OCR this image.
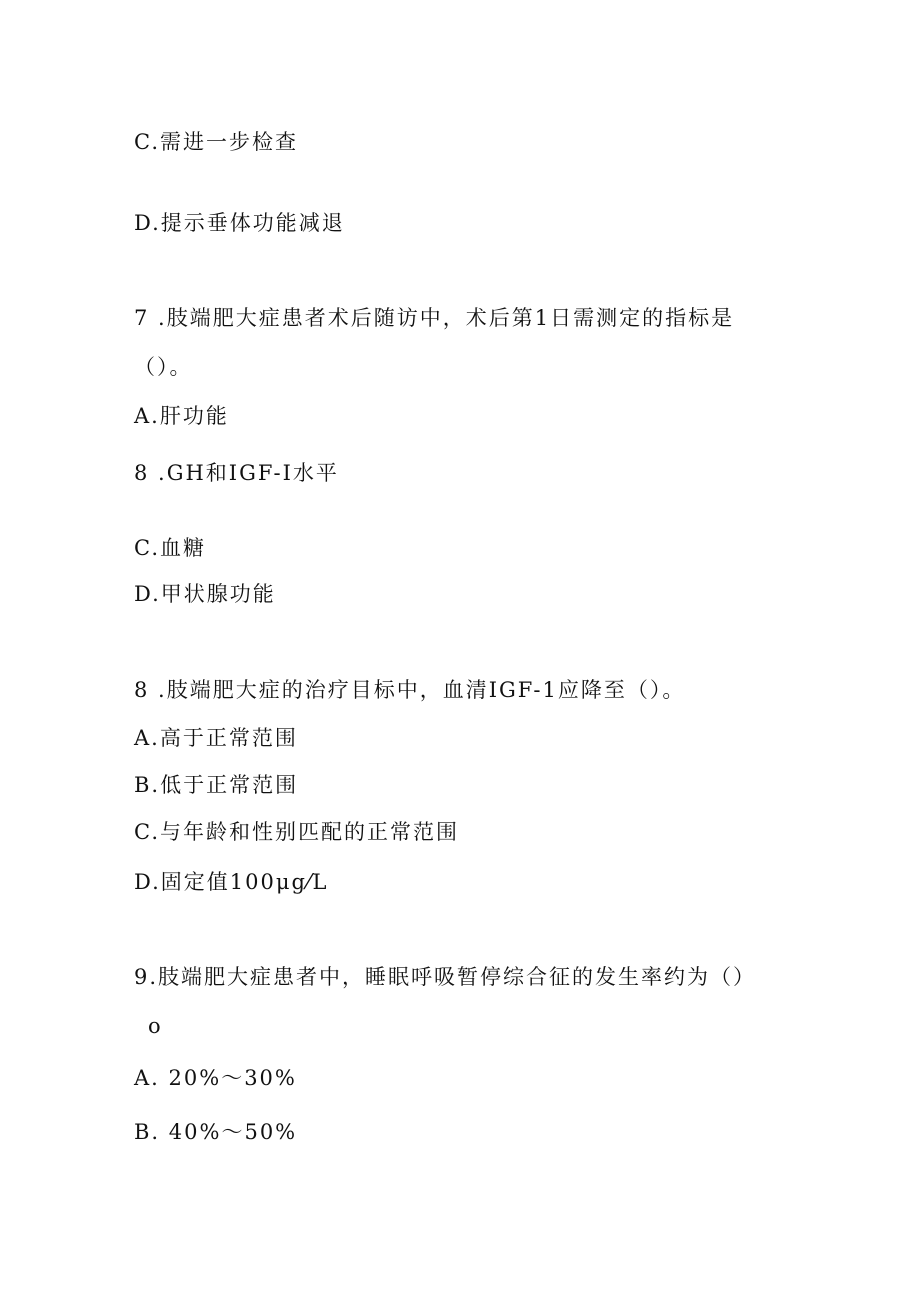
C.需进一步检查
D.提示垂体功能减退
7 .肢端肥大症患者术后随访中，术后第1日需测定的指标是
（）。
A.肝功能
8 .GH和IGF-I水平
C.血糖
D.甲状腺功能
8 .肢端肥大症的治疗目标中，血清IGF-1应降至（）。
A.高于正常范围
B.低于正常范围
C.与年龄和性别匹配的正常范围
D.固定值100μg⁄L
9.肢端肥大症患者中，睡眠呼吸暂停综合征的发生率约为（）
o
A. 20%～30%
B. 40%～50%
